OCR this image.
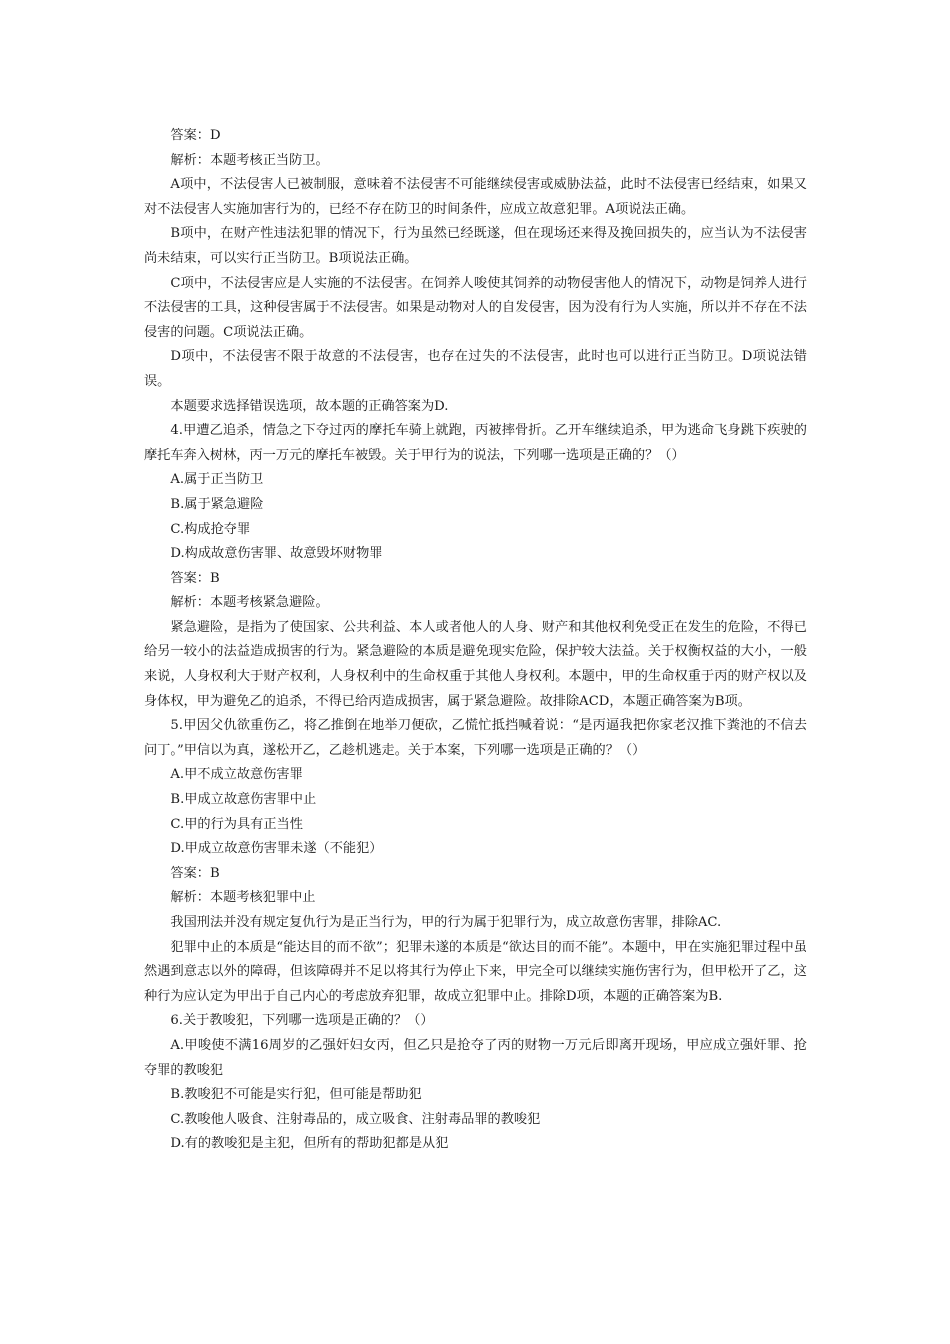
答案：D

解析：本题考核正当防卫。

A项中，不法侵害人已被制服，意味着不法侵害不可能继续侵害或威胁法益，此时不法侵害已经结束，如果又对不法侵害人实施加害行为的，已经不存在防卫的时间条件，应成立故意犯罪。A项说法正确。

B项中，在财产性违法犯罪的情况下，行为虽然已经既遂，但在现场还来得及挽回损失的，应当认为不法侵害尚未结束，可以实行正当防卫。B项说法正确。

C项中，不法侵害应是人实施的不法侵害。在饲养人唆使其饲养的动物侵害他人的情况下，动物是饲养人进行不法侵害的工具，这种侵害属于不法侵害。如果是动物对人的自发侵害，因为没有行为人实施，所以并不存在不法侵害的问题。C项说法正确。

D项中，不法侵害不限于故意的不法侵害，也存在过失的不法侵害，此时也可以进行正当防卫。D项说法错误。

本题要求选择错误选项，故本题的正确答案为D.

4.甲遭乙追杀，情急之下夺过丙的摩托车骑上就跑，丙被摔骨折。乙开车继续追杀，甲为逃命飞身跳下疾驶的摩托车奔入树林，丙一万元的摩托车被毁。关于甲行为的说法，下列哪一选项是正确的？（）

A.属于正当防卫

B.属于紧急避险

C.构成抢夺罪

D.构成故意伤害罪、故意毁坏财物罪

答案：B

解析：本题考核紧急避险。

紧急避险，是指为了使国家、公共利益、本人或者他人的人身、财产和其他权利免受正在发生的危险，不得已给另一较小的法益造成损害的行为。紧急避险的本质是避免现实危险，保护较大法益。关于权衡权益的大小，一般来说，人身权利大于财产权利，人身权利中的生命权重于其他人身权利。本题中，甲的生命权重于丙的财产权以及身体权，甲为避免乙的追杀，不得已给丙造成损害，属于紧急避险。故排除ACD，本题正确答案为B项。

5.甲因父仇欲重伤乙，将乙推倒在地举刀便砍，乙慌忙抵挡喊着说：“是丙逼我把你家老汉推下粪池的不信去问丁。”甲信以为真，遂松开乙，乙趁机逃走。关于本案，下列哪一选项是正确的？（）

A.甲不成立故意伤害罪

B.甲成立故意伤害罪中止

C.甲的行为具有正当性

D.甲成立故意伤害罪未遂（不能犯）

答案：B

解析：本题考核犯罪中止

我国刑法并没有规定复仇行为是正当行为，甲的行为属于犯罪行为，成立故意伤害罪，排除AC.

犯罪中止的本质是“能达目的而不欲”；犯罪未遂的本质是“欲达目的而不能”。本题中，甲在实施犯罪过程中虽然遇到意志以外的障碍，但该障碍并不足以将其行为停止下来，甲完全可以继续实施伤害行为，但甲松开了乙，这种行为应认定为甲出于自己内心的考虑放弃犯罪，故成立犯罪中止。排除D项，本题的正确答案为B.

6.关于教唆犯，下列哪一选项是正确的？（）

A.甲唆使不满16周岁的乙强奸妇女丙，但乙只是抢夺了丙的财物一万元后即离开现场，甲应成立强奸罪、抢夺罪的教唆犯

B.教唆犯不可能是实行犯，但可能是帮助犯

C.教唆他人吸食、注射毒品的，成立吸食、注射毒品罪的教唆犯

D.有的教唆犯是主犯，但所有的帮助犯都是从犯
